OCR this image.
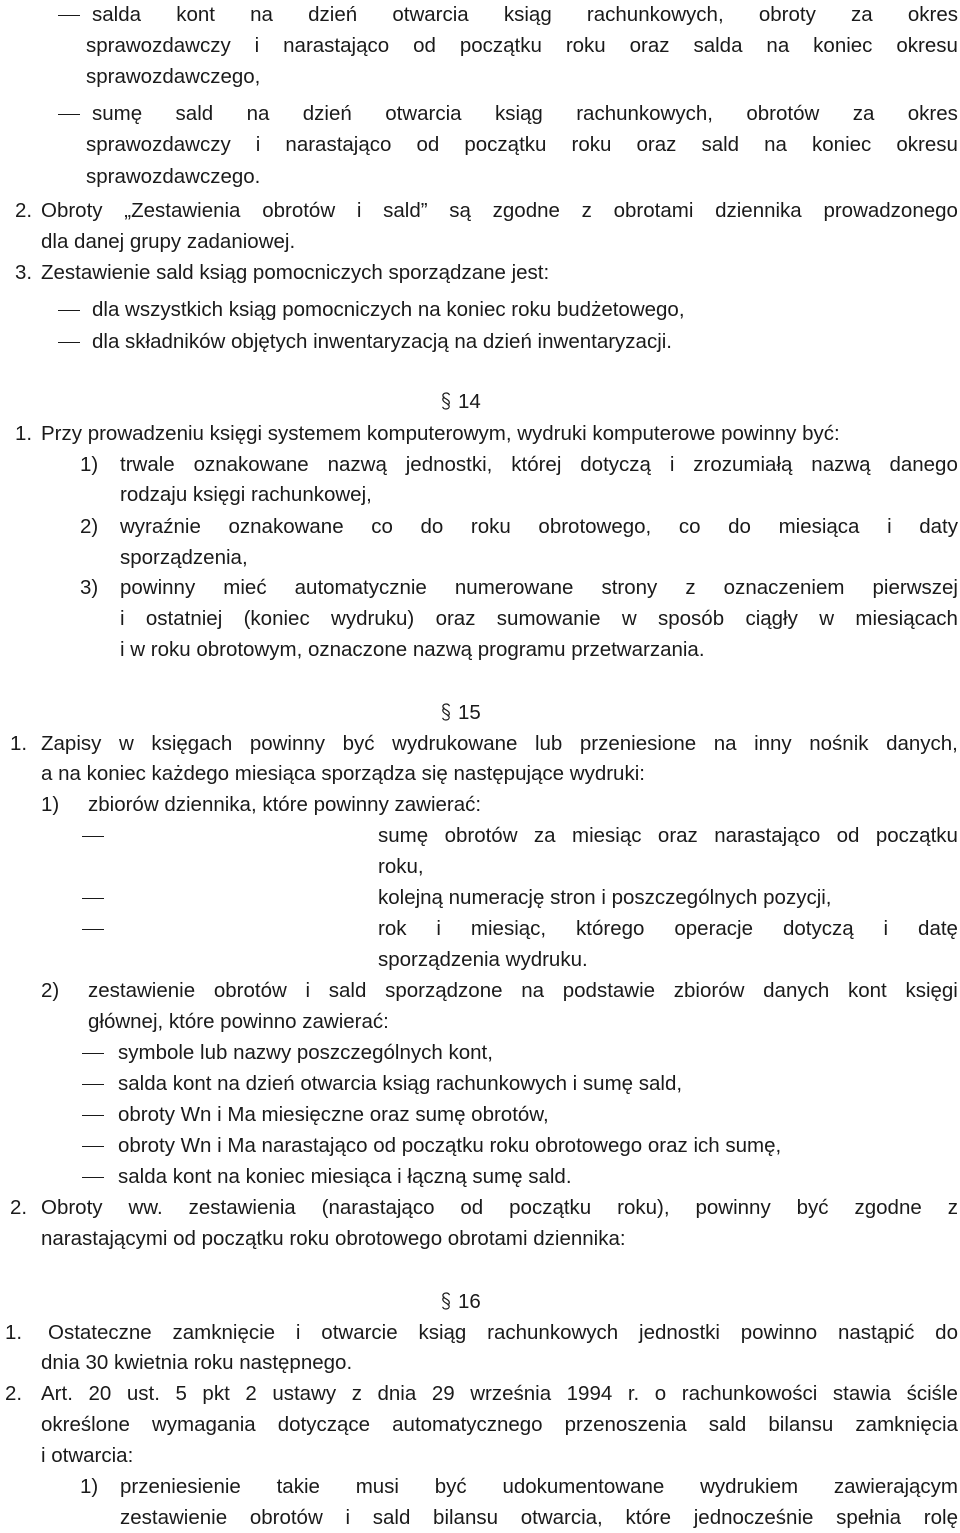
salda kont na dzień otwarcia ksiąg rachunkowych, obroty za okres
sprawozdawczy i narastająco od początku roku oraz salda na koniec okresu
sprawozdawczego,
sumę sald na dzień otwarcia ksiąg rachunkowych, obrotów za okres
sprawozdawczy i narastająco od początku roku oraz sald na koniec okresu
sprawozdawczego.
2. Obroty „Zestawienia obrotów i sald” są zgodne z obrotami dziennika prowadzonego
dla danej grupy zadaniowej.
3. Zestawienie sald ksiąg pomocniczych sporządzane jest:
dla wszystkich ksiąg pomocniczych na koniec roku budżetowego,
dla składników objętych inwentaryzacją na dzień inwentaryzacji.
14
1. Przy prowadzeniu księgi systemem komputerowym, wydruki komputerowe powinny być:
1) trwale oznakowane nazwą jednostki, której dotyczą i zrozumiałą nazwą danego
rodzaju księgi rachunkowej,
2) wyraźnie oznakowane co do roku obrotowego, co do miesiąca i daty
sporządzenia,
3) powinny mieć automatycznie numerowane strony z oznaczeniem pierwszej
i ostatniej (koniec wydruku) oraz sumowanie w sposób ciągły w miesiącach
i w roku obrotowym, oznaczone nazwą programu przetwarzania.
15
1. Zapisy w księgach powinny być wydrukowane lub przeniesione na inny nośnik danych,
a na koniec każdego miesiąca sporządza się następujące wydruki:
1) zbiorów dziennika, które powinny zawierać:
sumę obrotów za miesiąc oraz narastająco od początku
roku,
kolejną numerację stron i poszczególnych pozycji,
rok i miesiąc, którego operacje dotyczą i datę
sporządzenia wydruku.
2) zestawienie obrotów i sald sporządzone na podstawie zbiorów danych kont księgi
głównej, które powinno zawierać:
symbole lub nazwy poszczególnych kont,
salda kont na dzień otwarcia ksiąg rachunkowych i sumę sald,
obroty Wn i Ma miesięczne oraz sumę obrotów,
obroty Wn i Ma narastająco od początku roku obrotowego oraz ich sumę,
salda kont na koniec miesiąca i łączną sumę sald.
2. Obroty ww. zestawienia (narastająco od początku roku), powinny być zgodne z
narastającymi od początku roku obrotowego obrotami dziennika:
16
1. Ostateczne zamknięcie i otwarcie ksiąg rachunkowych jednostki powinno nastąpić do
dnia 30 kwietnia roku następnego.
2. Art. 20 ust. 5 pkt 2 ustawy z dnia 29 września 1994 r. o rachunkowości stawia ściśle
określone wymagania dotyczące automatycznego przenoszenia sald bilansu zamknięcia
i otwarcia:
1) przeniesienie takie musi być udokumentowane wydrukiem zawierającym
zestawienie obrotów i sald bilansu otwarcia, które jednocześnie spełnia rolę
